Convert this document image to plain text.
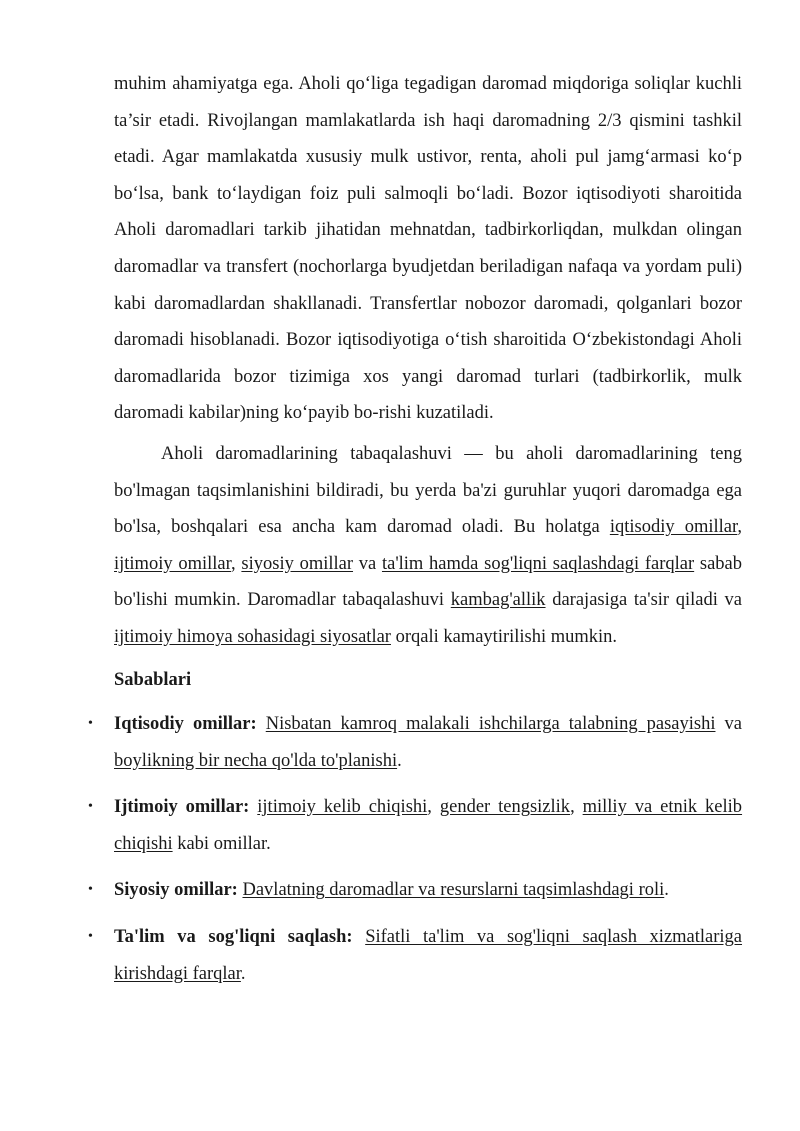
muhim ahamiyatga ega. Aholi qo‘liga tegadigan daromad miqdoriga soliqlar kuchli ta’sir etadi. Rivojlangan mamlakatlarda ish haqi daromadning 2/3 qismini tashkil etadi. Agar mamlakatda xususiy mulk ustivor, renta, aholi pul jamg‘armasi ko‘p bo‘lsa, bank to‘laydigan foiz puli salmoqli bo‘ladi. Bozor iqtisodiyoti sharoitida Aholi daromadlari tarkib jihatidan mehnatdan, tadbirkorliqdan, mulkdan olingan daromadlar va transfert (nochorlarga byudjetdan beriladigan nafaqa va yordam puli) kabi daromadlardan shakllanadi. Transfertlar nobozor daromadi, qolganlari bozor daromadi hisoblanadi. Bozor iqtisodiyotiga o‘tish sharoitida O‘zbekistondagi Aholi daromadlarida bozor tizimiga xos yangi daromad turlari (tadbirkorlik, mulk daromadi kabilar)ning ko‘payib bo-rishi kuzatiladi.

Aholi daromadlarining tabaqalashuvi — bu aholi daromadlarining teng bo'lmagan taqsimlanishini bildiradi, bu yerda ba'zi guruhlar yuqori daromadga ega bo'lsa, boshqalari esa ancha kam daromad oladi. Bu holatga iqtisodiy omillar, ijtimoiy omillar, siyosiy omillar va ta'lim hamda sog'liqni saqlashdagi farqlar sabab bo'lishi mumkin. Daromadlar tabaqalashuvi kambag'allik darajasiga ta'sir qiladi va ijtimoiy himoya sohasidagi siyosatlar orqali kamaytirilishi mumkin.

Sabablari

• Iqtisodiy omillar: Nisbatan kamroq malakali ishchilarga talabning pasayishi va boylikning bir necha qo'lda to'planishi.
• Ijtimoiy omillar: ijtimoiy kelib chiqishi, gender tengsizlik, milliy va etnik kelib chiqishi kabi omillar.
• Siyosiy omillar: Davlatning daromadlar va resurslarni taqsimlashdagi roli.
• Ta'lim va sog'liqni saqlash: Sifatli ta'lim va sog'liqni saqlash xizmatlariga kirishdagi farqlar.
